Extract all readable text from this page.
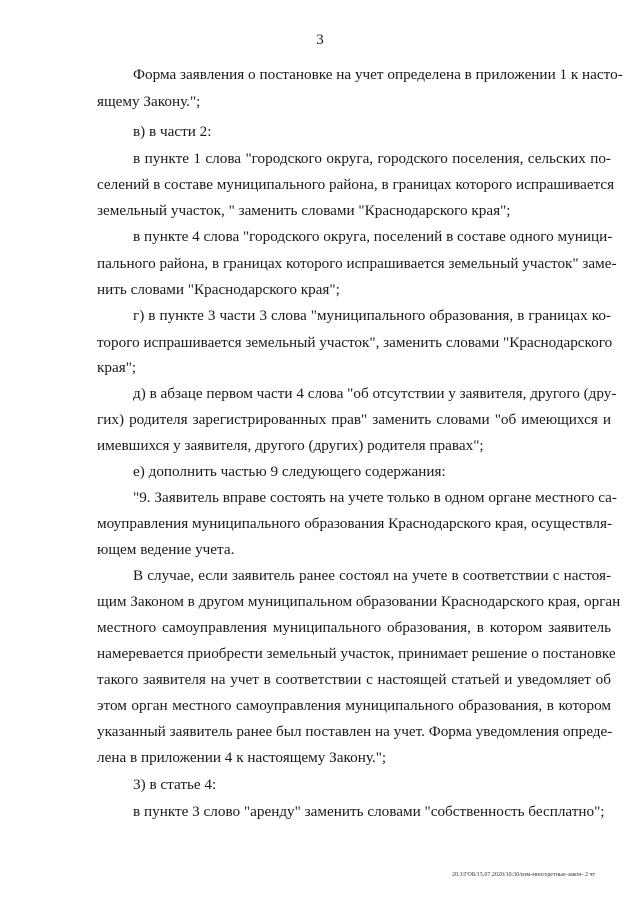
3
Форма заявления о постановке на учет определена в приложении 1 к насто-
ящему Закону.";
в) в части 2:
в пункте 1 слова "городского округа, городского поселения, сельских по-
селений в составе муниципального района, в границах которого испрашивается
земельный участок, " заменить словами "Краснодарского края";
в пункте 4 слова "городского округа, поселений в составе одного муници-
пального района, в границах которого испрашивается земельный участок" заме-
нить словами "Краснодарского края";
г) в пункте 3 части 3 слова "муниципального образования, в границах ко-
торого испрашивается земельный участок", заменить словами "Краснодарского
края";
д) в абзаце первом части 4 слова "об отсутствии у заявителя, другого (дру-
гих) родителя зарегистрированных прав" заменить словами "об имеющихся и
имевшихся у заявителя, другого (других) родителя правах";
е) дополнить частью 9 следующего содержания:
"9. Заявитель вправе состоять на учете только в одном органе местного са-
моуправления муниципального образования Краснодарского края, осуществля-
ющем ведение учета.
В случае, если заявитель ранее состоял на учете в соответствии с настоя-
щим Законом в другом муниципальном образовании Краснодарского края, орган
местного самоуправления муниципального образования, в котором заявитель
намеревается приобрести земельный участок, принимает решение о постановке
такого заявителя на учет в соответствии с настоящей статьей и уведомляет об
этом орган местного самоуправления муниципального образования, в котором
указанный заявитель ранее был поставлен на учет. Форма уведомления опреде-
лена в приложении 4 к настоящему Закону.";
3) в статье 4:
в пункте 3 слово "аренду" заменить словами "собственность бесплатно";
20.3/ГОБ/15.07.2020/10:30/изм-многодетные-закон- 2 чт
